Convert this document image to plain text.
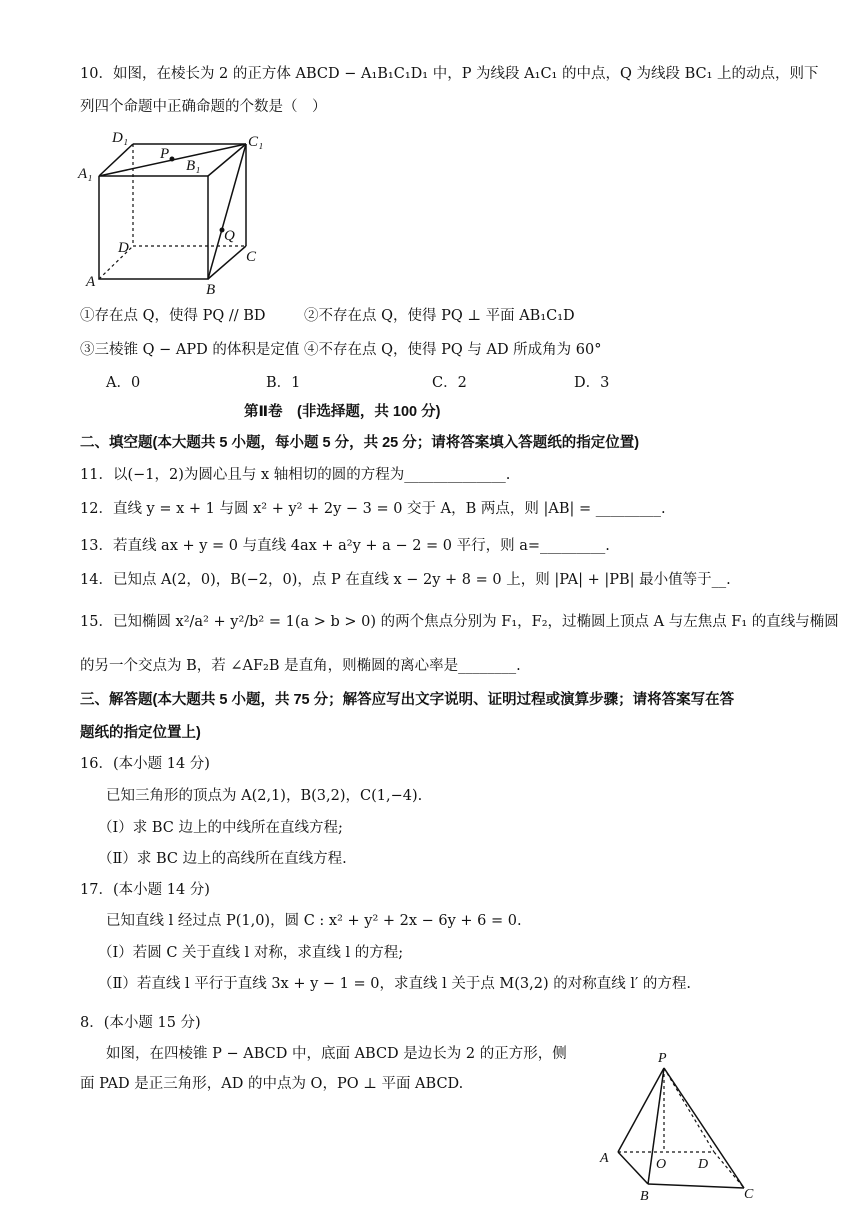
10．如图，在棱长为 2 的正方体 ABCD − A₁B₁C₁D₁ 中，P 为线段 A₁C₁ 的中点，Q 为线段 BC₁ 上的动点，则下
列四个命题中正确命题的个数是（　）
D₁	C₁
A₁	B₁
P
Q
D
C
A	B
①存在点 Q，使得 PQ // BD	②不存在点 Q，使得 PQ ⊥ 平面 AB₁C₁D
③三棱锥 Q − APD 的体积是定值 ④不存在点 Q，使得 PQ 与 AD 所成角为 60°
A．0	B．1	C．2	D．3
第Ⅱ卷　(非选择题，共 100 分)
二、填空题(本大题共 5 小题，每小题 5 分，共 25 分；请将答案填入答题纸的指定位置)
11．以(−1，2)为圆心且与 x 轴相切的圆的方程为______________.
12．直线 y = x + 1 与圆 x² + y² + 2y − 3 = 0 交于 A，B 两点，则 |AB| = _________.
13．若直线 ax + y = 0 与直线 4ax + a²y + a − 2 = 0 平行，则 a=_________.
14．已知点 A(2，0)，B(−2，0)，点 P 在直线 x − 2y + 8 = 0 上，则 |PA| + |PB| 最小值等于__.
15．已知椭圆 x²/a² + y²/b² = 1(a > b > 0) 的两个焦点分别为 F₁，F₂，过椭圆上顶点 A 与左焦点 F₁ 的直线与椭圆
的另一个交点为 B，若 ∠AF₂B 是直角，则椭圆的离心率是________.
三、解答题(本大题共 5 小题，共 75 分；解答应写出文字说明、证明过程或演算步骤；请将答案写在答
题纸的指定位置上)
16．(本小题 14 分)
已知三角形的顶点为 A(2,1)，B(3,2)，C(1,−4).
（Ⅰ）求 BC 边上的中线所在直线方程;
（Ⅱ）求 BC 边上的高线所在直线方程.
17．(本小题 14 分)
已知直线 l 经过点 P(1,0)，圆 C : x² + y² + 2x − 6y + 6 = 0.
（Ⅰ）若圆 C 关于直线 l 对称，求直线 l 的方程;
（Ⅱ）若直线 l 平行于直线 3x + y − 1 = 0，求直线 l 关于点 M(3,2) 的对称直线 l′ 的方程.
8．(本小题 15 分)
如图，在四棱锥 P − ABCD 中，底面 ABCD 是边长为 2 的正方形，侧
面 PAD 是正三角形，AD 的中点为 O，PO ⊥ 平面 ABCD.
P
A	O D
B	C
